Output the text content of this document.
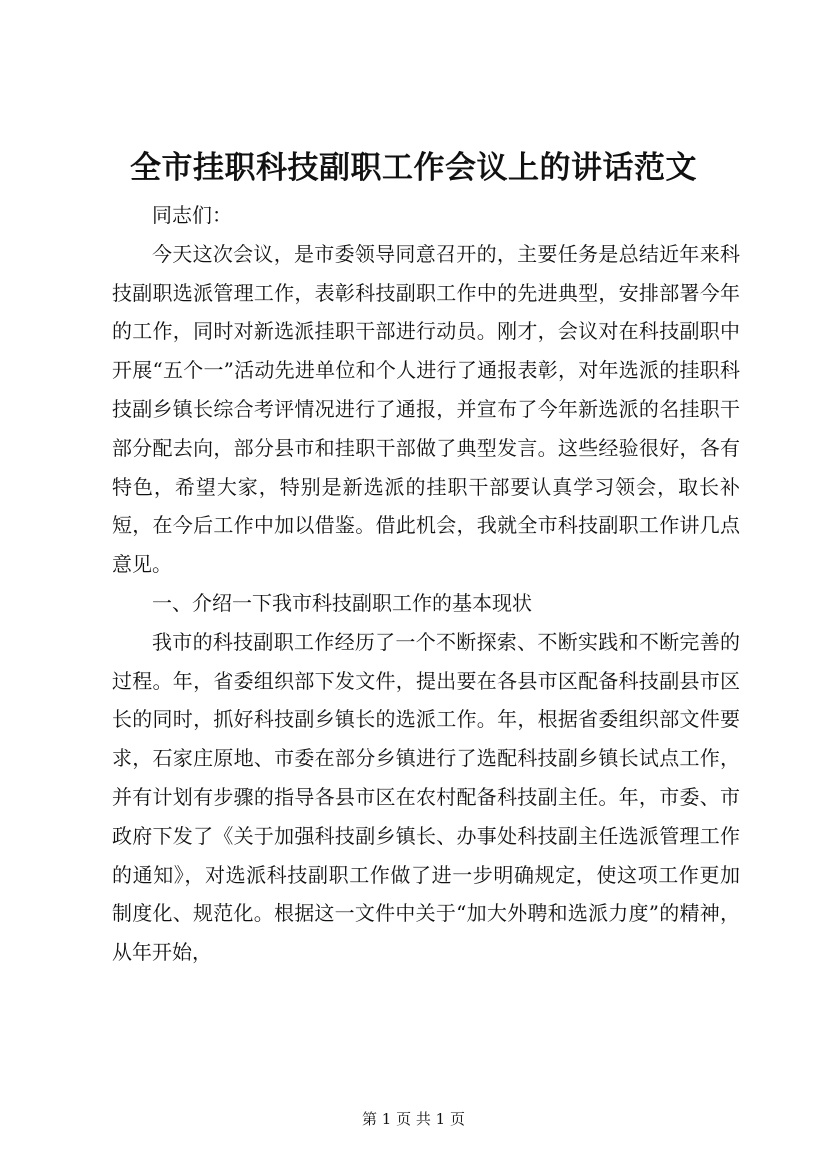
全市挂职科技副职工作会议上的讲话范文

同志们：

今天这次会议，是市委领导同意召开的，主要任务是总结近年来科技副职选派管理工作，表彰科技副职工作中的先进典型，安排部署今年的工作，同时对新选派挂职干部进行动员。刚才，会议对在科技副职中开展“五个一”活动先进单位和个人进行了通报表彰，对年选派的挂职科技副乡镇长综合考评情况进行了通报，并宣布了今年新选派的名挂职干部分配去向，部分县市和挂职干部做了典型发言。这些经验很好，各有特色，希望大家，特别是新选派的挂职干部要认真学习领会，取长补短，在今后工作中加以借鉴。借此机会，我就全市科技副职工作讲几点意见。

一、介绍一下我市科技副职工作的基本现状

我市的科技副职工作经历了一个不断探索、不断实践和不断完善的过程。年，省委组织部下发文件，提出要在各县市区配备科技副县市区长的同时，抓好科技副乡镇长的选派工作。年，根据省委组织部文件要求，石家庄原地、市委在部分乡镇进行了选配科技副乡镇长试点工作，并有计划有步骤的指导各县市区在农村配备科技副主任。年，市委、市政府下发了《关于加强科技副乡镇长、办事处科技副主任选派管理工作的通知》，对选派科技副职工作做了进一步明确规定，使这项工作更加制度化、规范化。根据这一文件中关于“加大外聘和选派力度”的精神，从年开始，

第 1 页 共 1 页
